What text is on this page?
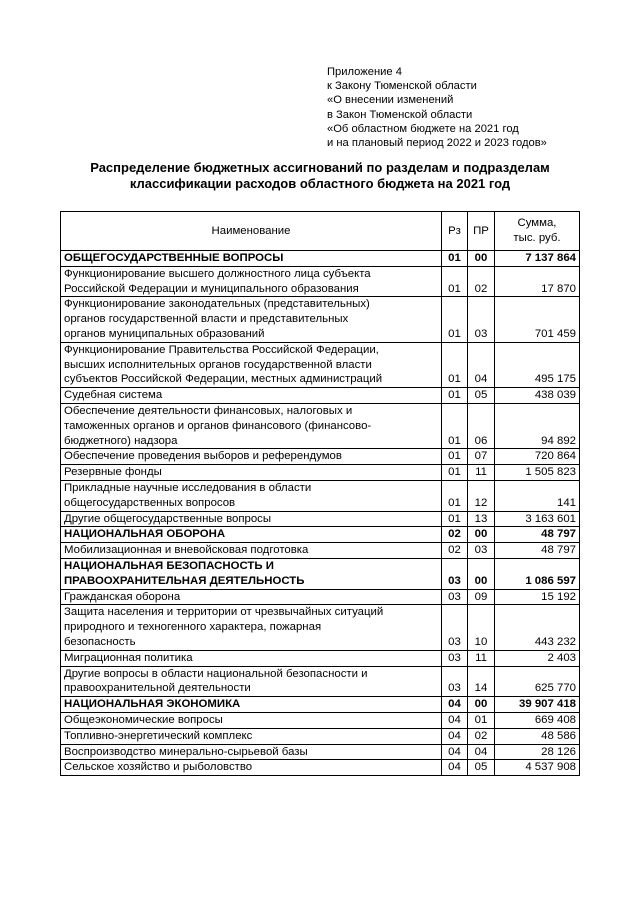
Приложение 4
к Закону Тюменской области
«О внесении изменений
в Закон Тюменской области
«Об областном бюджете на 2021 год
и на плановый период 2022 и 2023 годов»
Распределение бюджетных ассигнований по разделам и подразделам
классификации расходов областного бюджета на 2021 год
Наименование	Рз	ПР	Сумма,
тыс. руб.

ОБЩЕГОСУДАРСТВЕННЫЕ ВОПРОСЫ	01	00	7 137 864

Функционирование высшего должностного лица субъекта
Российской Федерации и муниципального образования	01	02	17 870

Функционирование законодательных (представительных)
органов государственной власти и представительных
органов муниципальных образований	01	03	701 459

Функционирование Правительства Российской Федерации,
высших исполнительных органов государственной власти
субъектов Российской Федерации, местных администраций	01	04	495 175

Судебная система	01	05	438 039

Обеспечение деятельности финансовых, налоговых и
таможенных органов и органов финансового (финансово-
бюджетного) надзора	01	06	94 892

Обеспечение проведения выборов и референдумов	01	07	720 864

Резервные фонды	01	11	1 505 823

Прикладные научные исследования в области
общегосударственных вопросов	01	12	141

Другие общегосударственные вопросы	01	13	3 163 601

НАЦИОНАЛЬНАЯ ОБОРОНА	02	00	48 797

Мобилизационная и вневойсковая подготовка	02	03	48 797

НАЦИОНАЛЬНАЯ БЕЗОПАСНОСТЬ И
ПРАВООХРАНИТЕЛЬНАЯ ДЕЯТЕЛЬНОСТЬ	03	00	1 086 597

Гражданская оборона	03	09	15 192

Защита населения и территории от чрезвычайных ситуаций
природного и техногенного характера, пожарная
безопасность	03	10	443 232

Миграционная политика	03	11	2 403

Другие вопросы в области национальной безопасности и
правоохранительной деятельности	03	14	625 770

НАЦИОНАЛЬНАЯ ЭКОНОМИКА	04	00	39 907 418

Общеэкономические вопросы	04	01	669 408

Топливно-энергетический комплекс	04	02	48 586

Воспроизводство минерально-сырьевой базы	04	04	28 126

Сельское хозяйство и рыболовство	04	05	4 537 908
